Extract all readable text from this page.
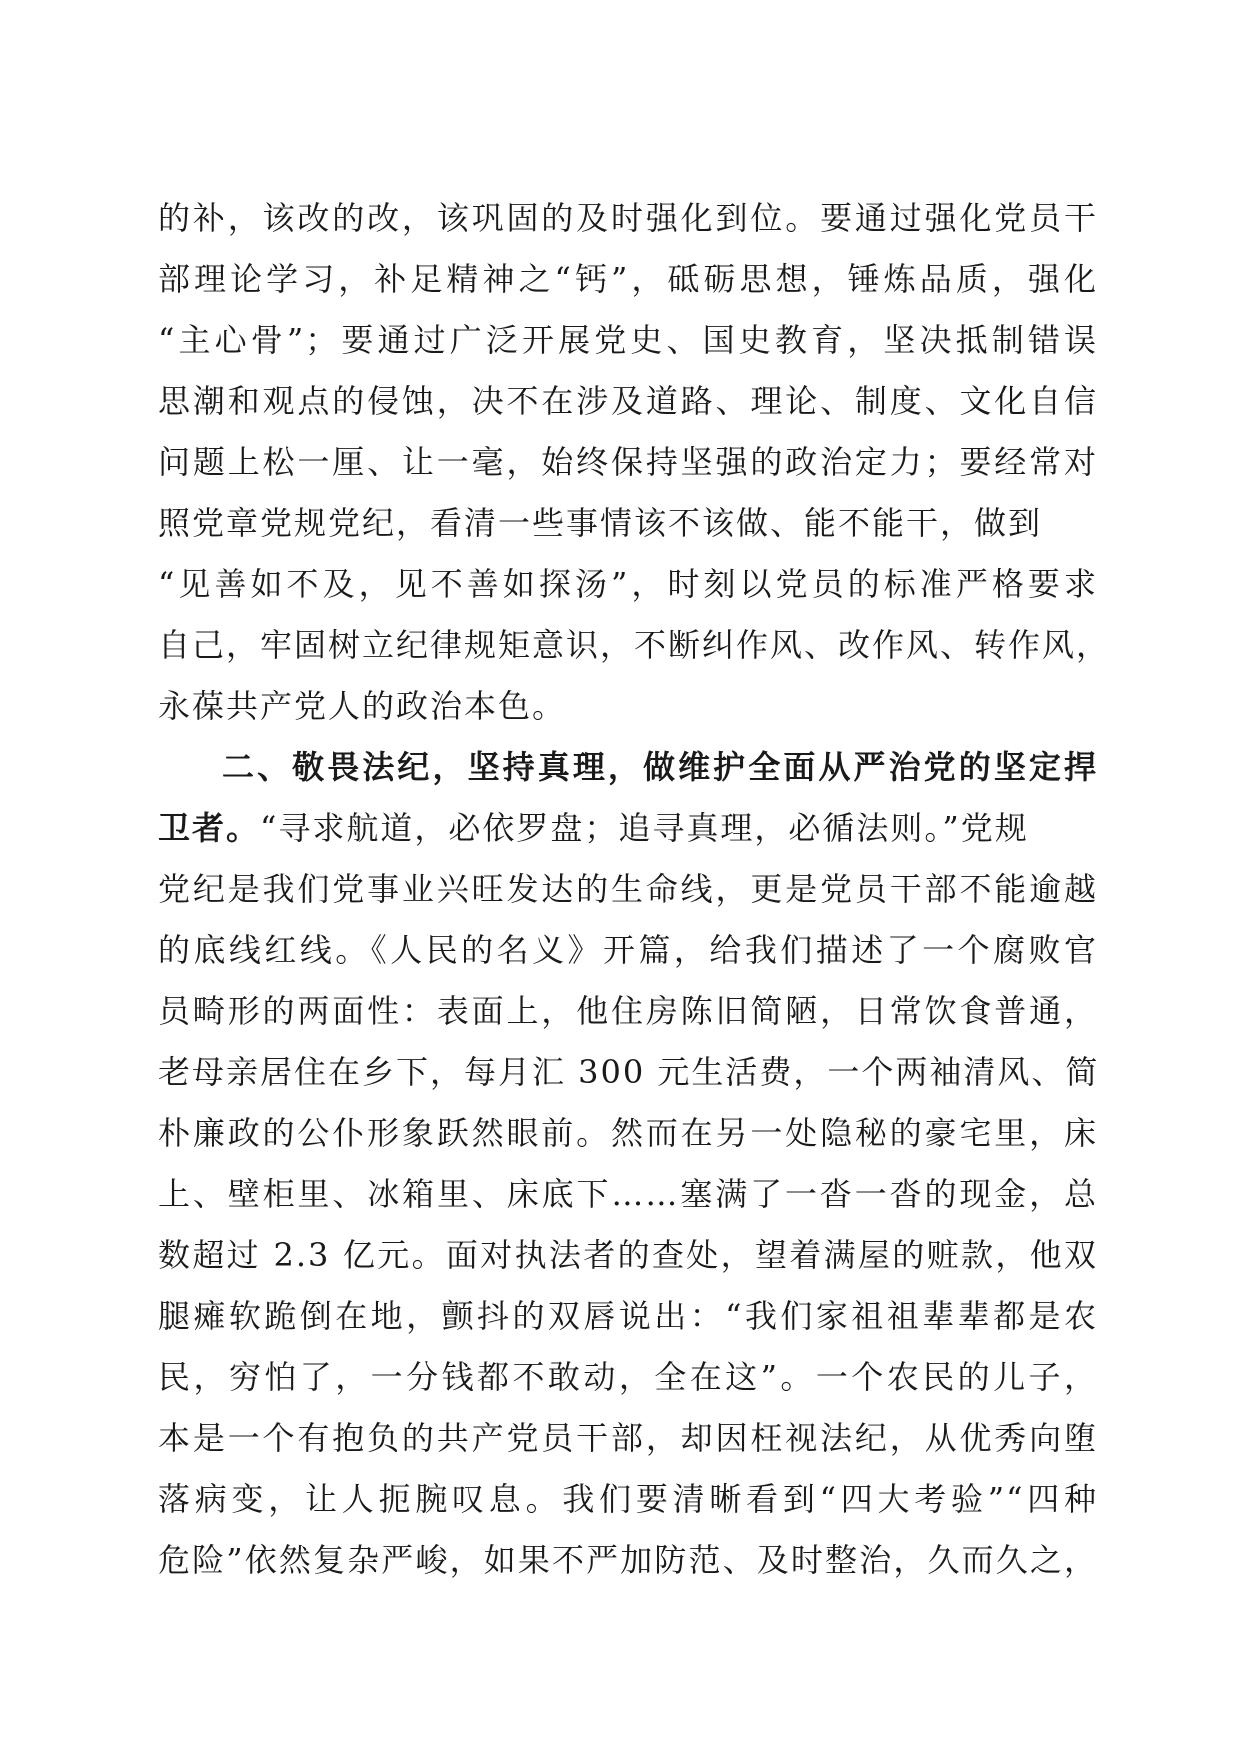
的补，该改的改，该巩固的及时强化到位。要通过强化党员干
部理论学习，补足精神之“钙”，砥砺思想，锤炼品质，强化
“主心骨”；要通过广泛开展党史、国史教育，坚决抵制错误
思潮和观点的侵蚀，决不在涉及道路、理论、制度、文化自信
问题上松一厘、让一毫，始终保持坚强的政治定力；要经常对
照党章党规党纪，看清一些事情该不该做、能不能干，做到
“见善如不及，见不善如探汤”，时刻以党员的标准严格要求
自己，牢固树立纪律规矩意识，不断纠作风、改作风、转作风，
永葆共产党人的政治本色。
二、敬畏法纪，坚持真理，做维护全面从严治党的坚定捍
卫者。“寻求航道，必依罗盘；追寻真理，必循法则。”党规
党纪是我们党事业兴旺发达的生命线，更是党员干部不能逾越
的底线红线。《人民的名义》开篇，给我们描述了一个腐败官
员畸形的两面性：表面上，他住房陈旧简陋，日常饮食普通，
老母亲居住在乡下，每月汇 300 元生活费，一个两袖清风、简
朴廉政的公仆形象跃然眼前。然而在另一处隐秘的豪宅里，床
上、壁柜里、冰箱里、床底下……塞满了一沓一沓的现金，总
数超过 2.3 亿元。面对执法者的查处，望着满屋的赃款，他双
腿瘫软跪倒在地，颤抖的双唇说出：“我们家祖祖辈辈都是农
民，穷怕了，一分钱都不敢动，全在这”。一个农民的儿子，
本是一个有抱负的共产党员干部，却因枉视法纪，从优秀向堕
落病变，让人扼腕叹息。我们要清晰看到“四大考验”“四种
危险”依然复杂严峻，如果不严加防范、及时整治，久而久之，
